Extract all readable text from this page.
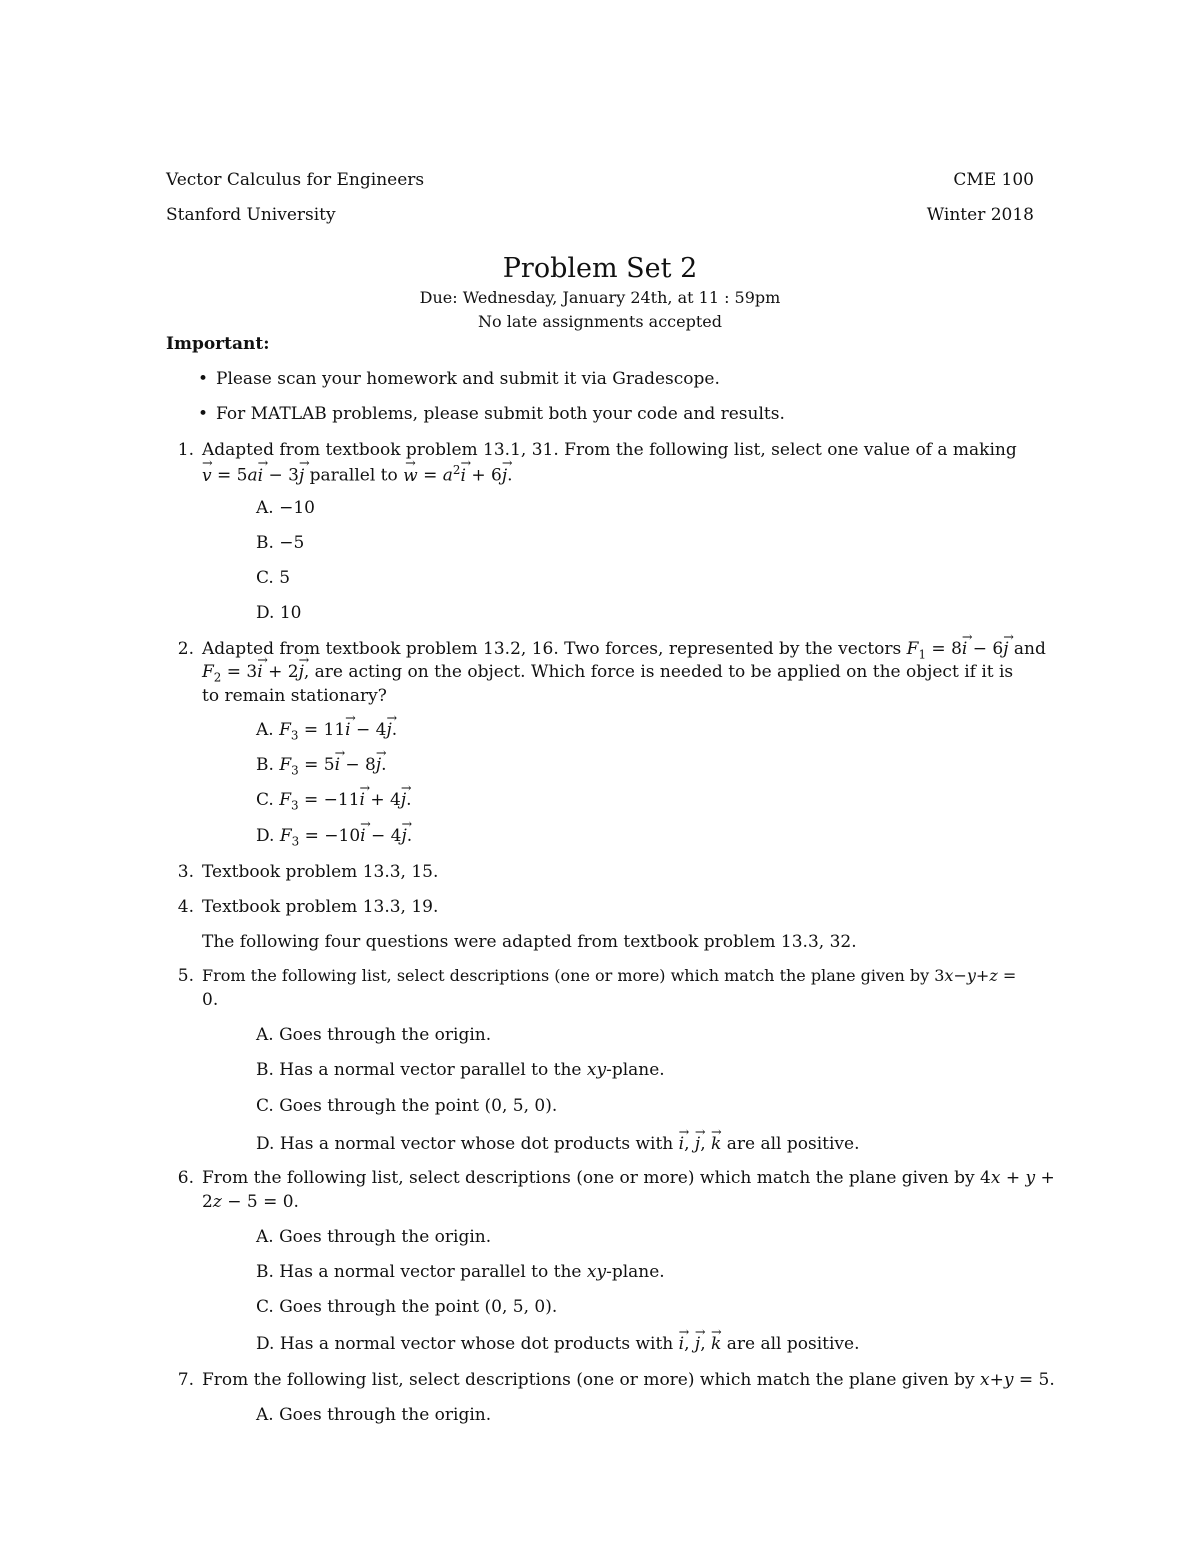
Vector Calculus for Engineers	CME 100
Stanford University	Winter 2018
Problem Set 2
Due: Wednesday, January 24th, at 11 : 59pm
No late assignments accepted
Important:
• Please scan your homework and submit it via Gradescope.
• For MATLAB problems, please submit both your code and results.
1. Adapted from textbook problem 13.1, 31. From the following list, select one value of a making
→ v = 5a→ i − 3→ j parallel to → $w = a^2\to i + 6\to j$.
A. −10
B. −5
C. 5
D. 10
2. Adapted from textbook problem 13.2, 16. Two forces, represented by the vectors $F_1 = 8\to i - 6\to j$ and
$F_2 = 3\to i + 2\to j$, are acting on the object. Which force is needed to be applied on the object if it is
to remain stationary?
A. $F_3 = 11\to i - 4\to j$.
B. $F_3 = 5\to i - 8\to j$.
C. $F_3 = -11\to i + 4\to j$.
D. $F_3 = -10\to i - 4\to j$.
3. Textbook problem 13.3, 15.
4. Textbook problem 13.3, 19.
The following four questions were adapted from textbook problem 13.3, 32.
5. From the following list, select descriptions (one or more) which match the plane given by 3x−y+z =
0.
A. Goes through the origin.
B. Has a normal vector parallel to the xy-plane.
C. Goes through the point (0, 5, 0).
D. Has a normal vector whose dot products with → i, → j, → k are all positive.
6. From the following list, select descriptions (one or more) which match the plane given by 4x + y +
2z − 5 = 0.
A. Goes through the origin.
B. Has a normal vector parallel to the xy-plane.
C. Goes through the point (0, 5, 0).
D. Has a normal vector whose dot products with → i, → j, → k are all positive.
7. From the following list, select descriptions (one or more) which match the plane given by x+y = 5.
A. Goes through the origin.
